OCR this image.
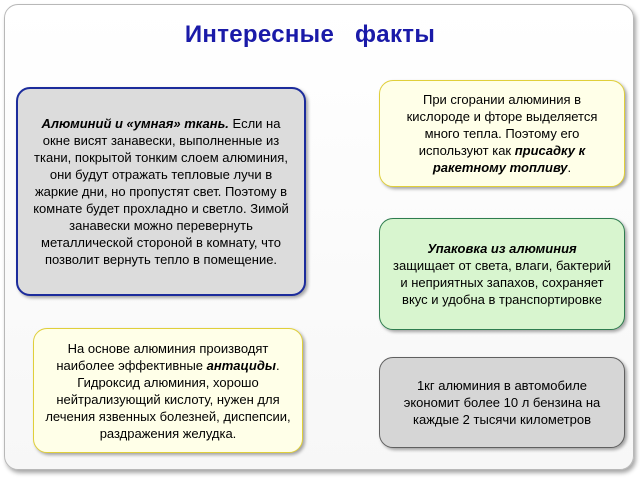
Интересные   факты
Алюминий и «умная» ткань. Если на окне висят занавески, выполненные из ткани, покрытой тонким слоем алюминия, они будут отражать тепловые лучи в жаркие дни, но пропустят свет. Поэтому в комнате будет прохладно и светло. Зимой занавески можно перевернуть металлической стороной в комнату, что позволит вернуть тепло в помещение.
При сгорании алюминия в кислороде и фторе выделяется много тепла. Поэтому его используют как присадку к ракетному топливу.
Упаковка из алюминия
защищает от света, влаги, бактерий и неприятных запахов, сохраняет вкус и удобна в транспортировке
На основе алюминия производят наиболее эффективные антациды. Гидроксид алюминия, хорошо нейтрализующий кислоту, нужен для лечения язвенных болезней, диспепсии, раздражения желудка.
1кг алюминия в автомобиле экономит более 10 л бензина на каждые 2 тысячи километров
